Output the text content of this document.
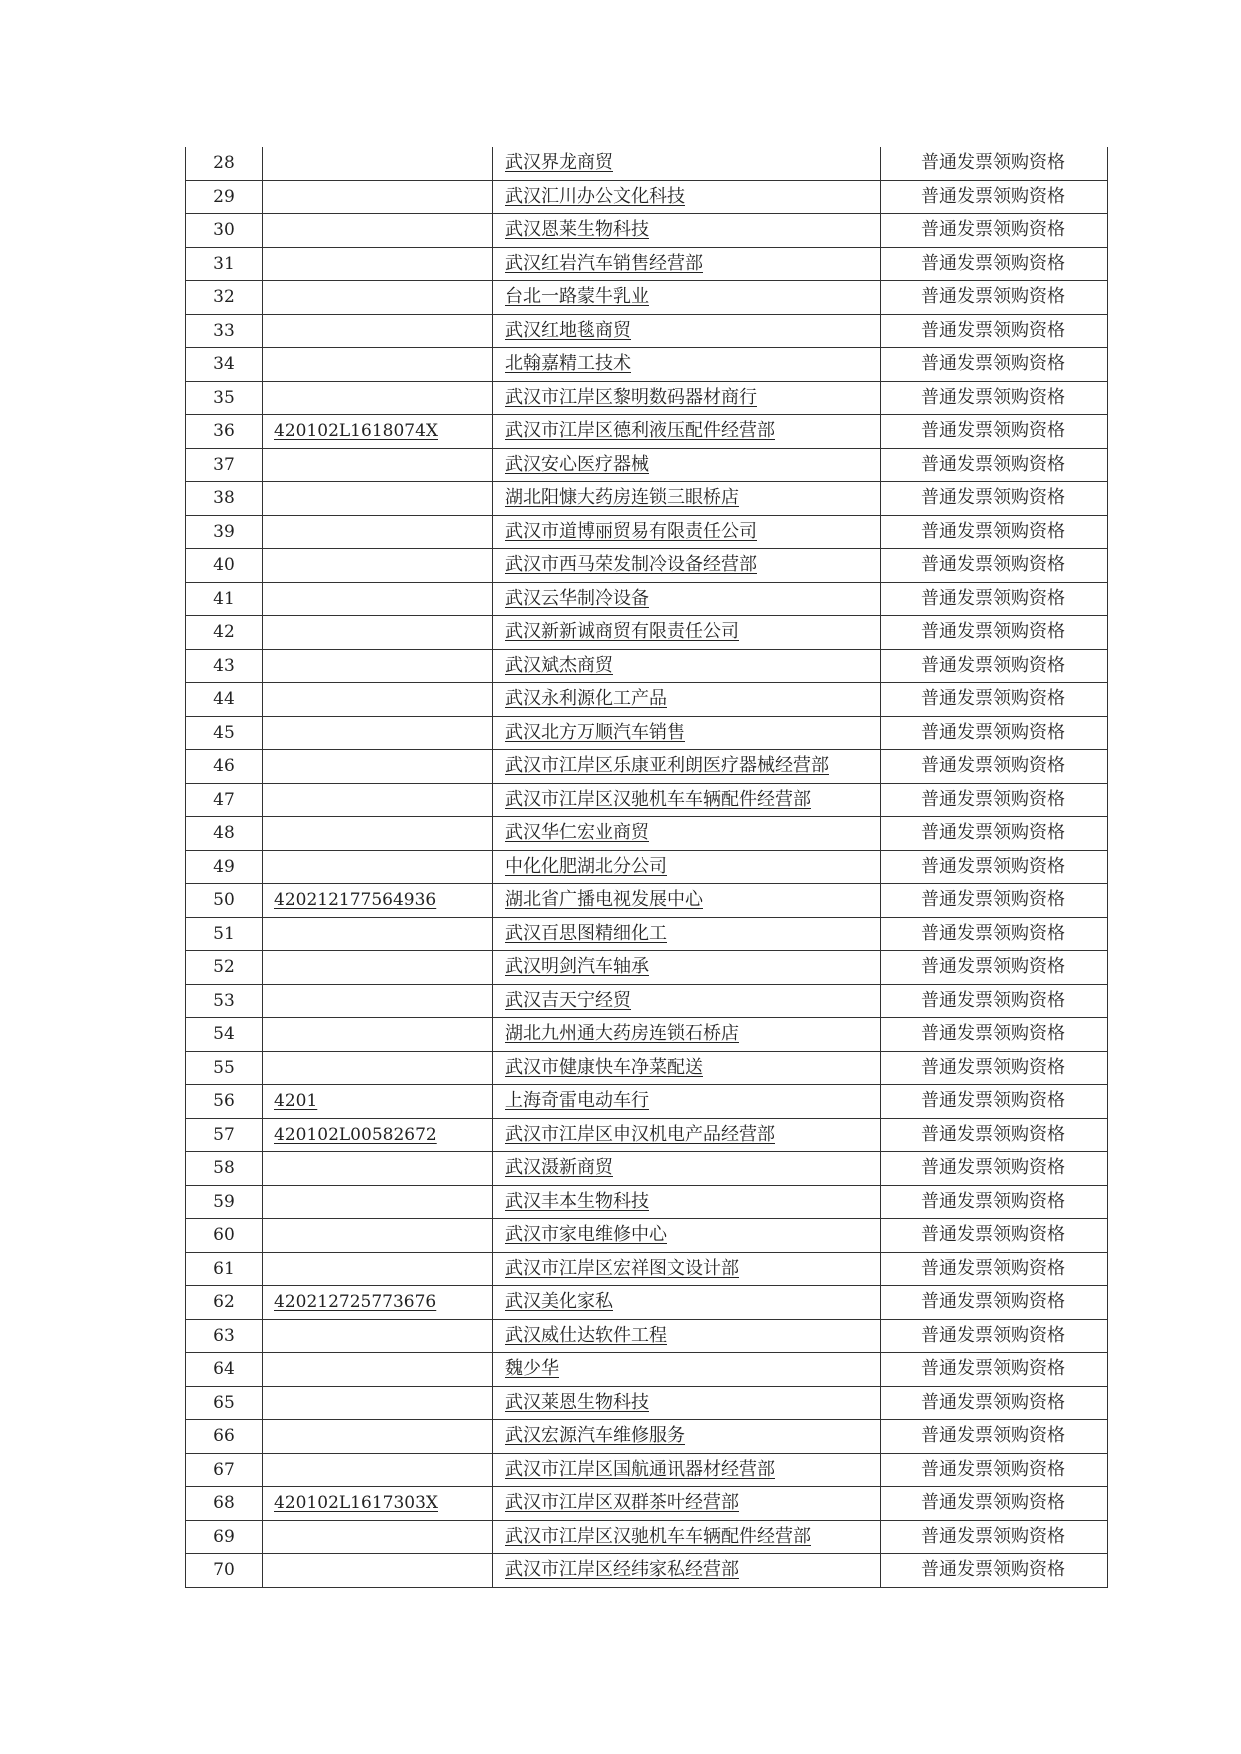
28		武汉界龙商贸	普通发票领购资格
29		武汉汇川办公文化科技	普通发票领购资格
30		武汉恩莱生物科技	普通发票领购资格
31		武汉红岩汽车销售经营部	普通发票领购资格
32		台北一路蒙牛乳业	普通发票领购资格
33		武汉红地毯商贸	普通发票领购资格
34		北翰嘉精工技术	普通发票领购资格
35		武汉市江岸区黎明数码器材商行	普通发票领购资格
36	420102L1618074X	武汉市江岸区德利液压配件经营部	普通发票领购资格
37		武汉安心医疗器械	普通发票领购资格
38		湖北阳慷大药房连锁三眼桥店	普通发票领购资格
39		武汉市道博丽贸易有限责任公司	普通发票领购资格
40		武汉市西马荣发制冷设备经营部	普通发票领购资格
41		武汉云华制冷设备	普通发票领购资格
42		武汉新新诚商贸有限责任公司	普通发票领购资格
43		武汉斌杰商贸	普通发票领购资格
44		武汉永利源化工产品	普通发票领购资格
45		武汉北方万顺汽车销售	普通发票领购资格
46		武汉市江岸区乐康亚利朗医疗器械经营部	普通发票领购资格
47		武汉市江岸区汉驰机车车辆配件经营部	普通发票领购资格
48		武汉华仁宏业商贸	普通发票领购资格
49		中化化肥湖北分公司	普通发票领购资格
50	420212177564936	湖北省广播电视发展中心	普通发票领购资格
51		武汉百思图精细化工	普通发票领购资格
52		武汉明剑汽车轴承	普通发票领购资格
53		武汉吉天宁经贸	普通发票领购资格
54		湖北九州通大药房连锁石桥店	普通发票领购资格
55		武汉市健康快车净菜配送	普通发票领购资格
56	4201	上海奇雷电动车行	普通发票领购资格
57	420102L00582672	武汉市江岸区申汉机电产品经营部	普通发票领购资格
58		武汉滠新商贸	普通发票领购资格
59		武汉丰本生物科技	普通发票领购资格
60		武汉市家电维修中心	普通发票领购资格
61		武汉市江岸区宏祥图文设计部	普通发票领购资格
62	420212725773676	武汉美化家私	普通发票领购资格
63		武汉威仕达软件工程	普通发票领购资格
64		魏少华	普通发票领购资格
65		武汉莱恩生物科技	普通发票领购资格
66		武汉宏源汽车维修服务	普通发票领购资格
67		武汉市江岸区国航通讯器材经营部	普通发票领购资格
68	420102L1617303X	武汉市江岸区双群茶叶经营部	普通发票领购资格
69		武汉市江岸区汉驰机车车辆配件经营部	普通发票领购资格
70		武汉市江岸区经纬家私经营部	普通发票领购资格
